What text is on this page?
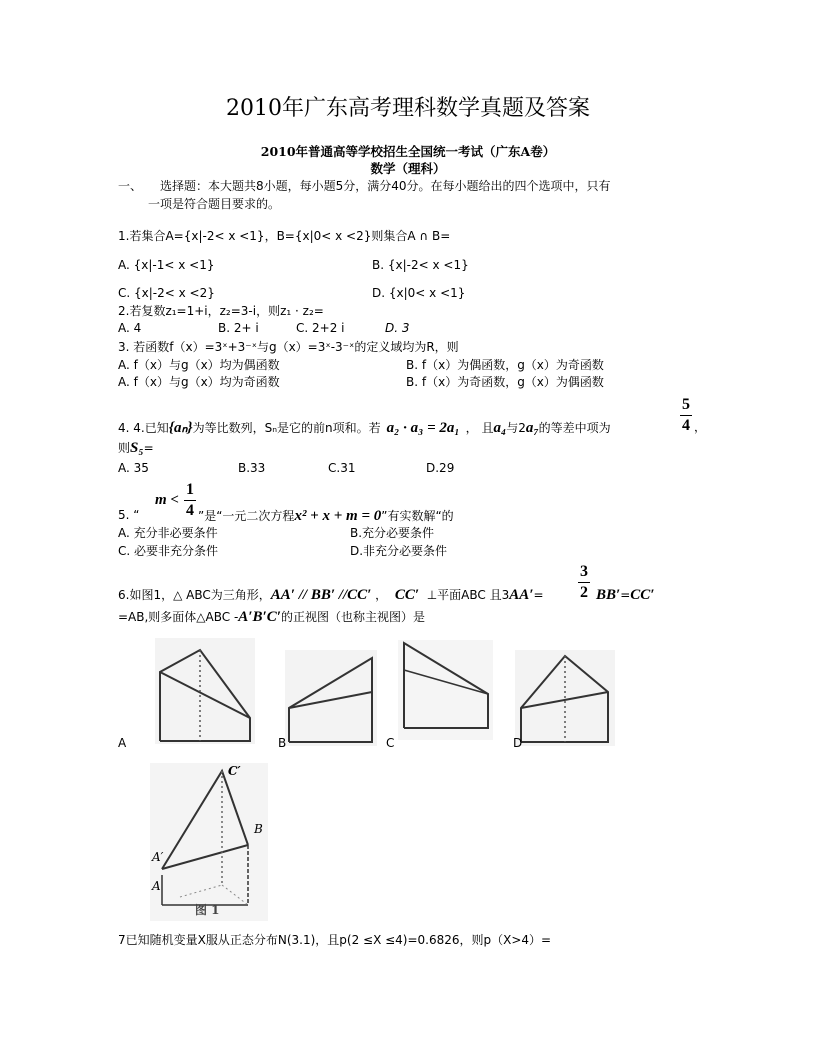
2010年广东高考理科数学真题及答案
2010年普通高等学校招生全国统一考试（广东A卷）
数学（理科）
一、　　选择题：本大题共8小题，每小题5分，满分40分。在每小题给出的四个选项中，只有
一项是符合题目要求的。
1.若集合A={x|-2< x <1}，B={x|0< x <2}则集合A ∩ B=
A. {x|-1< x <1}	B. {x|-2< x <1}
C. {x|-2< x <2}	D. {x|0< x <1}
2.若复数z₁=1+i，z₂=3-i，则z₁ · z₂=
A. 4	B. 2+ i	C. 2+2 i	D. 3
3. 若函数f（x）=3ˣ+3⁻ˣ与g（x）=3ˣ-3⁻ˣ的定义域均为R，则
A. f（x）与g（x）均为偶函数	B. f（x）为偶函数，g（x）为奇函数
A. f（x）与g（x）均为奇函数	B. f（x）为奇函数，g（x）为偶函数
4. 4.已知{aₙ}为等比数列，Sₙ是它的前n项和。若 a₂ · a₃ = 2a₁ ， 且a₄与2a₇的等差中项为
5
4 ，
则S₅=
A. 35	B.33	C.31	D.29
m <
1
4
5. “	”是“一元二次方程x² + x + m = 0”有实数解“的
A. 充分非必要条件	B.充分必要条件
C. 必要非充分条件	D.非充分必要条件
6.如图1，△ ABC为三角形，AA′ // BB′ //CC′ ， CC′ ⊥平面ABC 且3AA′=
3
2 BB′=CC′
=AB,则多面体△ABC -A′B′C′的正视图（也称主视图）是
A	B	C	D
C′
B
A′
A
图 1
7已知随机变量X服从正态分布N(3.1)，且p(2 ≤X ≤4)=0.6826，则p（X>4）=
